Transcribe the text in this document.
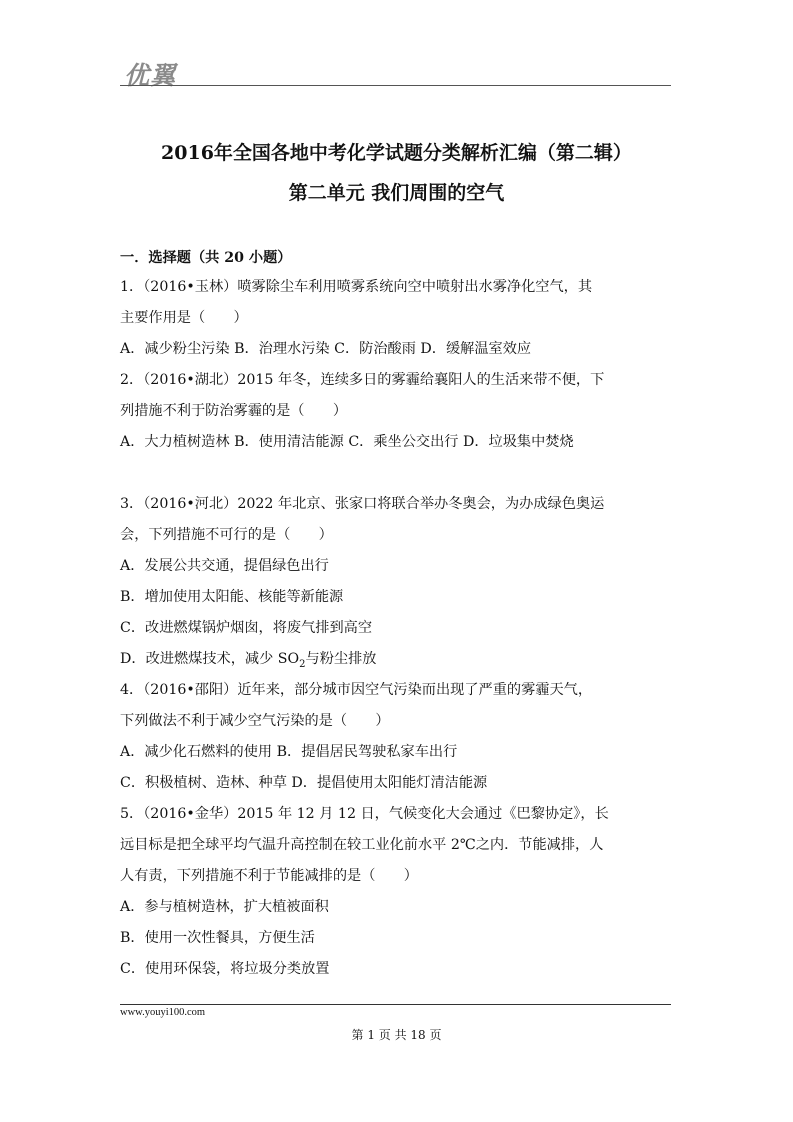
优翼
2016年全国各地中考化学试题分类解析汇编（第二辑）
第二单元 我们周围的空气
一．选择题（共 20 小题）
1．（2016•玉林）喷雾除尘车利用喷雾系统向空中喷射出水雾净化空气，其
主要作用是（　　）
A．减少粉尘污染 B．治理水污染 C．防治酸雨 D．缓解温室效应
2．（2016•湖北）2015 年冬，连续多日的雾霾给襄阳人的生活来带不便，下
列措施不利于防治雾霾的是（　　）
A．大力植树造林 B．使用清洁能源 C．乘坐公交出行 D．垃圾集中焚烧
3．（2016•河北）2022 年北京、张家口将联合举办冬奥会，为办成绿色奥运
会，下列措施不可行的是（　　）
A．发展公共交通，提倡绿色出行
B．增加使用太阳能、核能等新能源
C．改进燃煤锅炉烟囱，将废气排到高空
D．改进燃煤技术，减少 $SO_2$与粉尘排放
4．（2016•邵阳）近年来，部分城市因空气污染而出现了严重的雾霾天气，
下列做法不利于减少空气污染的是（　　）
A．减少化石燃料的使用 B．提倡居民驾驶私家车出行
C．积极植树、造林、种草 D．提倡使用太阳能灯清洁能源
5．（2016•金华）2015 年 12 月 12 日，气候变化大会通过《巴黎协定》，长
远目标是把全球平均气温升高控制在较工业化前水平 2℃之内．节能减排，人
人有责，下列措施不利于节能减排的是（　　）
A．参与植树造林，扩大植被面积
B．使用一次性餐具，方便生活
C．使用环保袋，将垃圾分类放置
www.youyi100.com
第 1 页 共 18 页
